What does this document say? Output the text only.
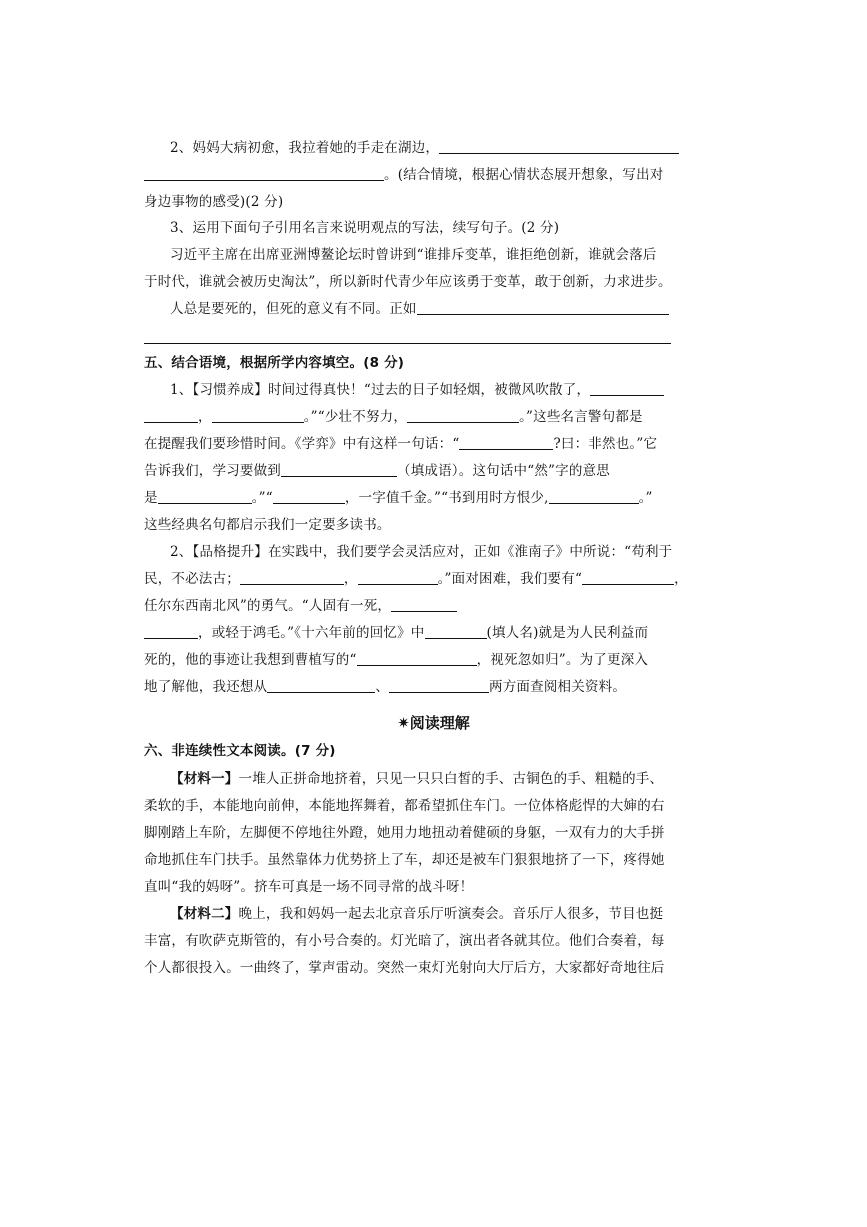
2、妈妈大病初愈，我拉着她的手走在湖边，
。(结合情境，根据心情状态展开想象，写出对
身边事物的感受)(2 分)
3、运用下面句子引用名言来说明观点的写法，续写句子。(2 分)
习近平主席在出席亚洲博鳌论坛时曾讲到“谁排斥变革，谁拒绝创新，谁就会落后
于时代，谁就会被历史淘汰”，所以新时代青少年应该勇于变革，敢于创新，力求进步。
人总是要死的，但死的意义有不同。正如
五、结合语境，根据所学内容填空。(8 分)
1、【习惯养成】时间过得真快！“过去的日子如轻烟，被微风吹散了，
，	。”“少壮不努力，	。”这些名言警句都是
在提醒我们要珍惜时间。《学弈》中有这样一句话：“	?曰：非然也。”它
告诉我们，学习要做到	（填成语）。这句话中“然”字的意思
是	。”“	，一字值千金。”“书到用时方恨少,	。”
这些经典名句都启示我们一定要多读书。
2、【品格提升】在实践中，我们要学会灵活应对，正如《淮南子》中所说：“苟利于
民，不必法古；	，	。”面对困难，我们要有“	，
任尔东西南北风”的勇气。“人固有一死，
，或轻于鸿毛。”《十六年前的回忆》中	(填人名)就是为人民利益而
死的，他的事迹让我想到曹植写的“	，视死忽如归”。为了更深入
地了解他，我还想从	、	两方面查阅相关资料。
✷阅读理解
六、非连续性文本阅读。(7 分)
【材料一】一堆人正拼命地挤着，只见一只只白皙的手、古铜色的手、粗糙的手、
柔软的手，本能地向前伸，本能地挥舞着，都希望抓住车门。一位体格彪悍的大婶的右
脚刚踏上车阶，左脚便不停地往外蹬，她用力地扭动着健硕的身躯，一双有力的大手拼
命地抓住车门扶手。虽然靠体力优势挤上了车，却还是被车门狠狠地挤了一下，疼得她
直叫“我的妈呀”。挤车可真是一场不同寻常的战斗呀！
【材料二】晚上，我和妈妈一起去北京音乐厅听演奏会。音乐厅人很多，节目也挺
丰富，有吹萨克斯管的，有小号合奏的。灯光暗了，演出者各就其位。他们合奏着，每
个人都很投入。一曲终了，掌声雷动。突然一束灯光射向大厅后方，大家都好奇地往后
